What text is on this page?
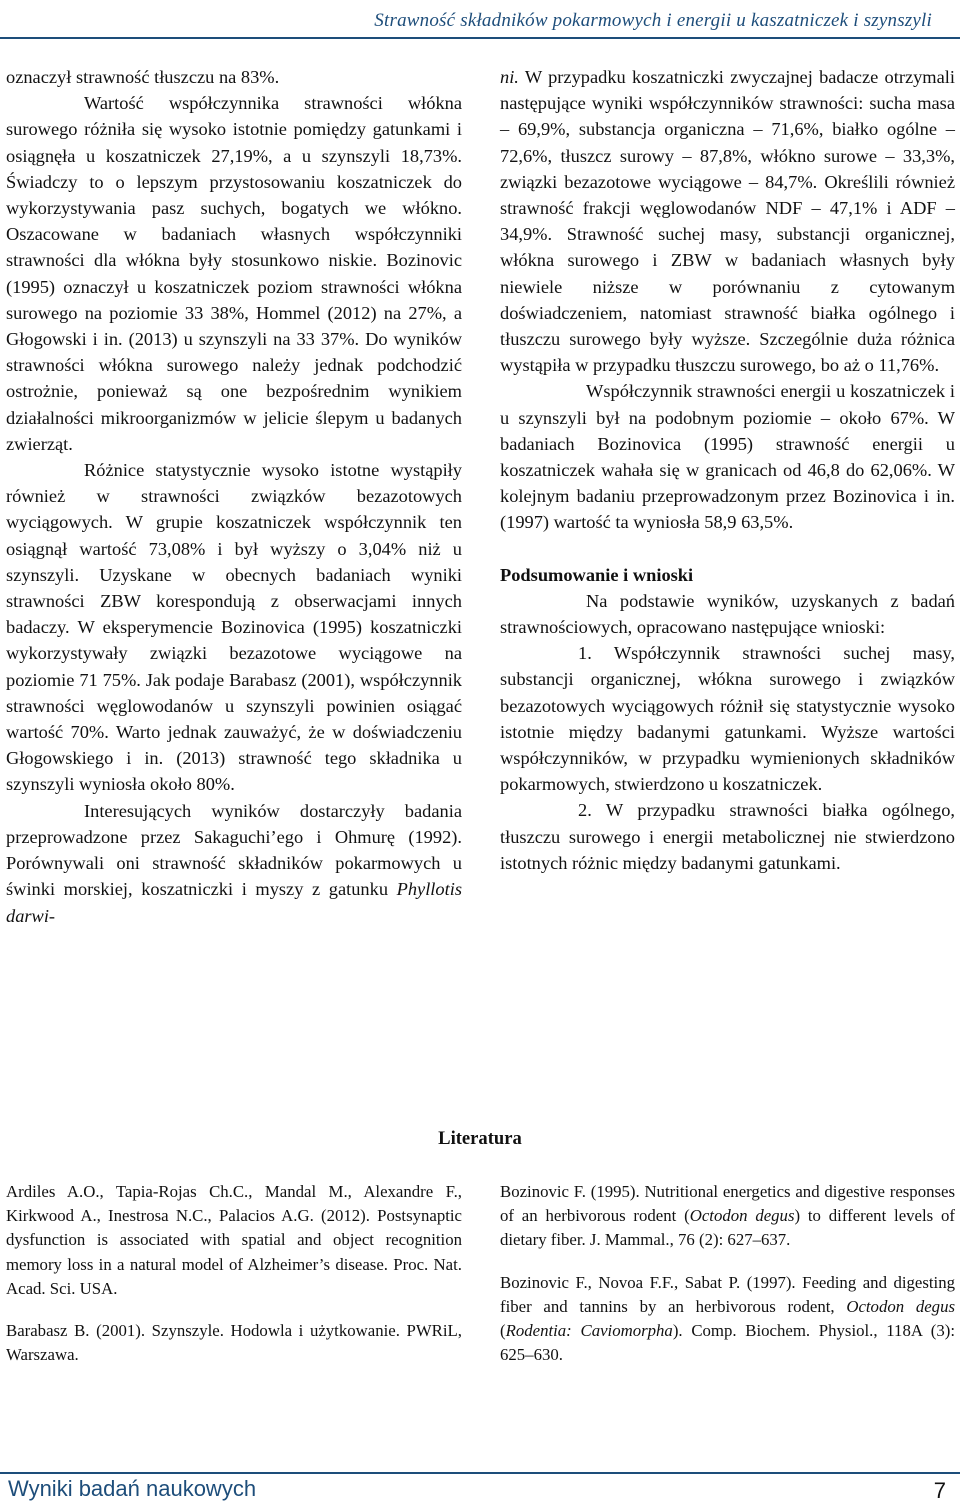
Strawność składników pokarmowych i energii u kaszatniczek i szynszyli

oznaczył strawność tłuszczu na 83%.

Wartość współczynnika strawności włókna surowego różniła się wysoko istotnie pomiędzy gatunkami i osiągnęła u koszatniczek 27,19%, a u szynszyli 18,73%. Świadczy to o lepszym przystosowaniu koszatniczek do wykorzystywania pasz suchych, bogatych we włókno. Oszacowane w badaniach własnych współczynniki strawności dla włókna były stosunkowo niskie. Bozinovic (1995) oznaczył u koszatniczek poziom strawności włókna surowego na poziomie 33 38%, Hommel (2012) na 27%, a Głogowski i in. (2013) u szynszyli na 33 37%. Do wyników strawności włókna surowego należy jednak podchodzić ostrożnie, ponieważ są one bezpośrednim wynikiem działalności mikroorganizmów w jelicie ślepym u badanych zwierząt.

Różnice statystycznie wysoko istotne wystąpiły również w strawności związków bezazotowych wyciągowych. W grupie koszatniczek współczynnik ten osiągnął wartość 73,08% i był wyższy o 3,04% niż u szynszyli. Uzyskane w obecnych badaniach wyniki strawności ZBW korespondują z obserwacjami innych badaczy. W eksperymencie Bozinovica (1995) koszatniczki wykorzystywały związki bezazotowe wyciągowe na poziomie 71 75%. Jak podaje Barabasz (2001), współczynnik strawności węglowodanów u szynszyli powinien osiągać wartość 70%. Warto jednak zauważyć, że w doświadczeniu Głogowskiego i in. (2013) strawność tego składnika u szynszyli wyniosła około 80%.

Interesujących wyników dostarczyły badania przeprowadzone przez Sakaguchi’ego i Ohmurę (1992). Porównywali oni strawność składników pokarmowych u świnki morskiej, koszatniczki i myszy z gatunku Phyllotis darwi-

ni. W przypadku koszatniczki zwyczajnej badacze otrzymali następujące wyniki współczynników strawności: sucha masa – 69,9%, substancja organiczna – 71,6%, białko ogólne – 72,6%, tłuszcz surowy – 87,8%, włókno surowe – 33,3%, związki bezazotowe wyciągowe – 84,7%. Określili również strawność frakcji węglowodanów NDF – 47,1% i ADF – 34,9%. Strawność suchej masy, substancji organicznej, włókna surowego i ZBW w badaniach własnych były niewiele niższe w porównaniu z cytowanym doświadczeniem, natomiast strawność białka ogólnego i tłuszczu surowego były wyższe. Szczególnie duża różnica wystąpiła w przypadku tłuszczu surowego, bo aż o 11,76%.

Współczynnik strawności energii u koszatniczek i u szynszyli był na podobnym poziomie – około 67%. W badaniach Bozinovica (1995) strawność energii u koszatniczek wahała się w granicach od 46,8 do 62,06%. W kolejnym badaniu przeprowadzonym przez Bozinovica i in. (1997) wartość ta wyniosła 58,9 63,5%.

Podsumowanie i wnioski

Na podstawie wyników, uzyskanych z badań strawnościowych, opracowano następujące wnioski:

1. Współczynnik strawności suchej masy, substancji organicznej, włókna surowego i związków bezazotowych wyciągowych różnił się statystycznie wysoko istotnie między badanymi gatunkami. Wyższe wartości współczynników, w przypadku wymienionych składników pokarmowych, stwierdzono u koszatniczek.

2. W przypadku strawności białka ogólnego, tłuszczu surowego i energii metabolicznej nie stwierdzono istotnych różnic między badanymi gatunkami.

Literatura

Ardiles A.O., Tapia-Rojas Ch.C., Mandal M., Alexandre F., Kirkwood A., Inestrosa N.C., Palacios A.G. (2012). Postsynaptic dysfunction is associated with spatial and object recognition memory loss in a natural model of Alzheimer’s disease. Proc. Nat. Acad. Sci. USA.

Barabasz B. (2001). Szynszyle. Hodowla i użytkowanie. PWRiL, Warszawa.

Bozinovic F. (1995). Nutritional energetics and digestive responses of an herbivorous rodent (Octodon degus) to different levels of dietary fiber. J. Mammal., 76 (2): 627–637.

Bozinovic F., Novoa F.F., Sabat P. (1997). Feeding and digesting fiber and tannins by an herbivorous rodent, Octodon degus (Rodentia: Caviomorpha). Comp. Biochem. Physiol., 118A (3): 625–630.

Wyniki badań naukowych	7
